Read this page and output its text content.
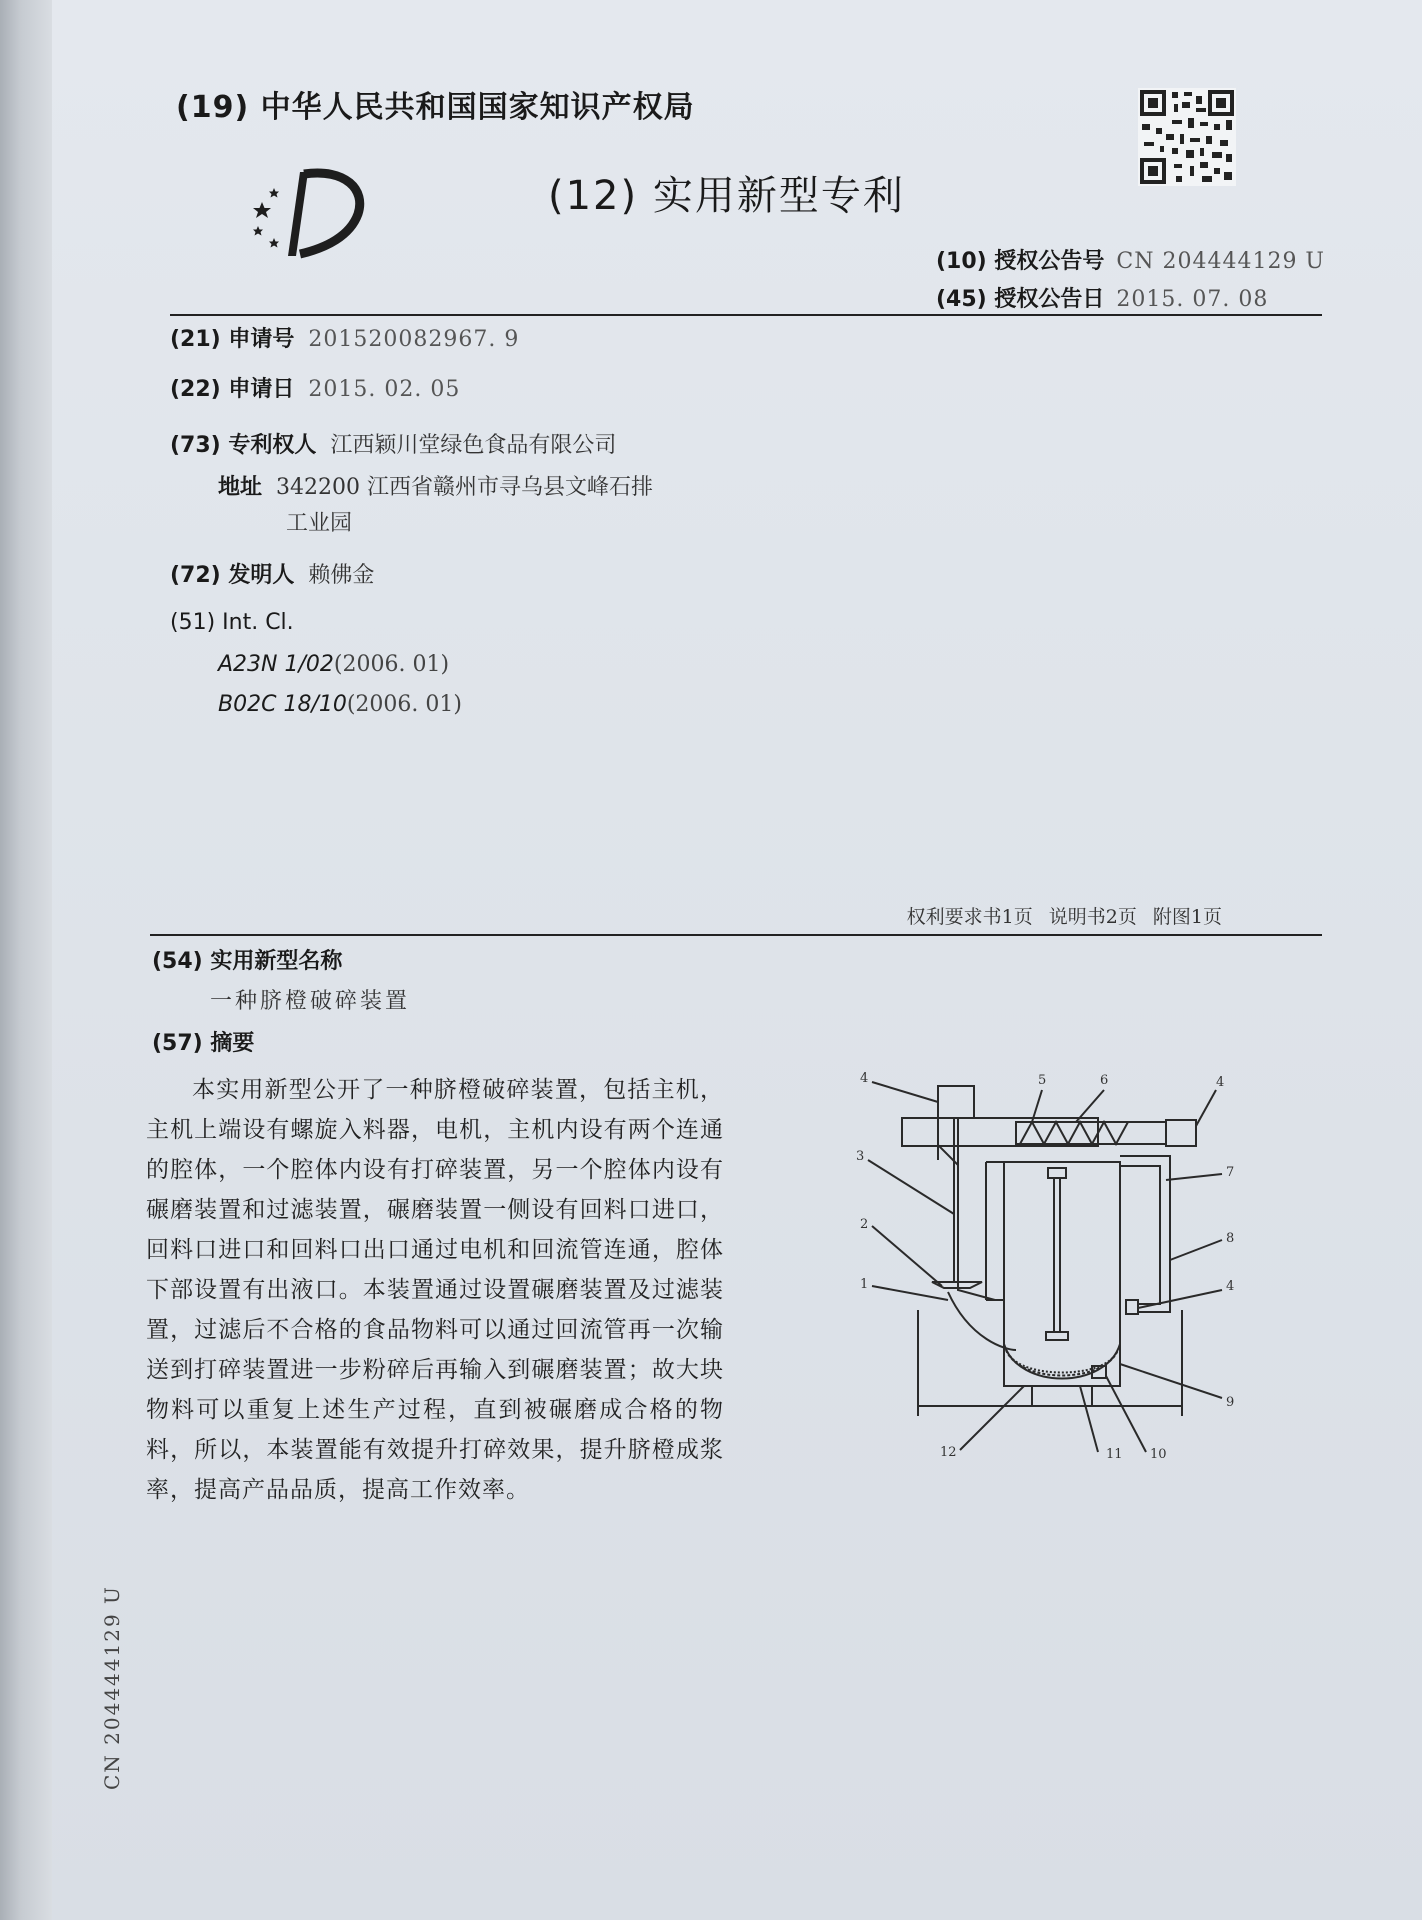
(19) 中华人民共和国国家知识产权局
(12) 实用新型专利
(10) 授权公告号 CN 204444129 U
(45) 授权公告日 2015. 07. 08
(21) 申请号 201520082967. 9
(22) 申请日 2015. 02. 05
(73) 专利权人 江西颖川堂绿色食品有限公司
地址 342200 江西省赣州市寻乌县文峰石排
工业园
(72) 发明人 赖佛金
(51) Int. Cl.
A23N 1/02(2006. 01)
B02C 18/10(2006. 01)
权利要求书1页 说明书2页 附图1页
(54) 实用新型名称
一种脐橙破碎装置
(57) 摘要
本实用新型公开了一种脐橙破碎装置，包括主机，主机上端设有螺旋入料器，电机，主机内设有两个连通的腔体，一个腔体内设有打碎装置，另一个腔体内设有碾磨装置和过滤装置，碾磨装置一侧设有回料口进口，回料口进口和回料口出口通过电机和回流管连通，腔体下部设置有出液口。本装置通过设置碾磨装置及过滤装置，过滤后不合格的食品物料可以通过回流管再一次输送到打碎装置进一步粉碎后再输入到碾磨装置；故大块物料可以重复上述生产过程，直到被碾磨成合格的物料，所以，本装置能有效提升打碎效果，提升脐橙成浆率，提高产品品质，提高工作效率。
4	5	6	4
3
7
2
8
1	4
9
12	11 10
CN 204444129 U
